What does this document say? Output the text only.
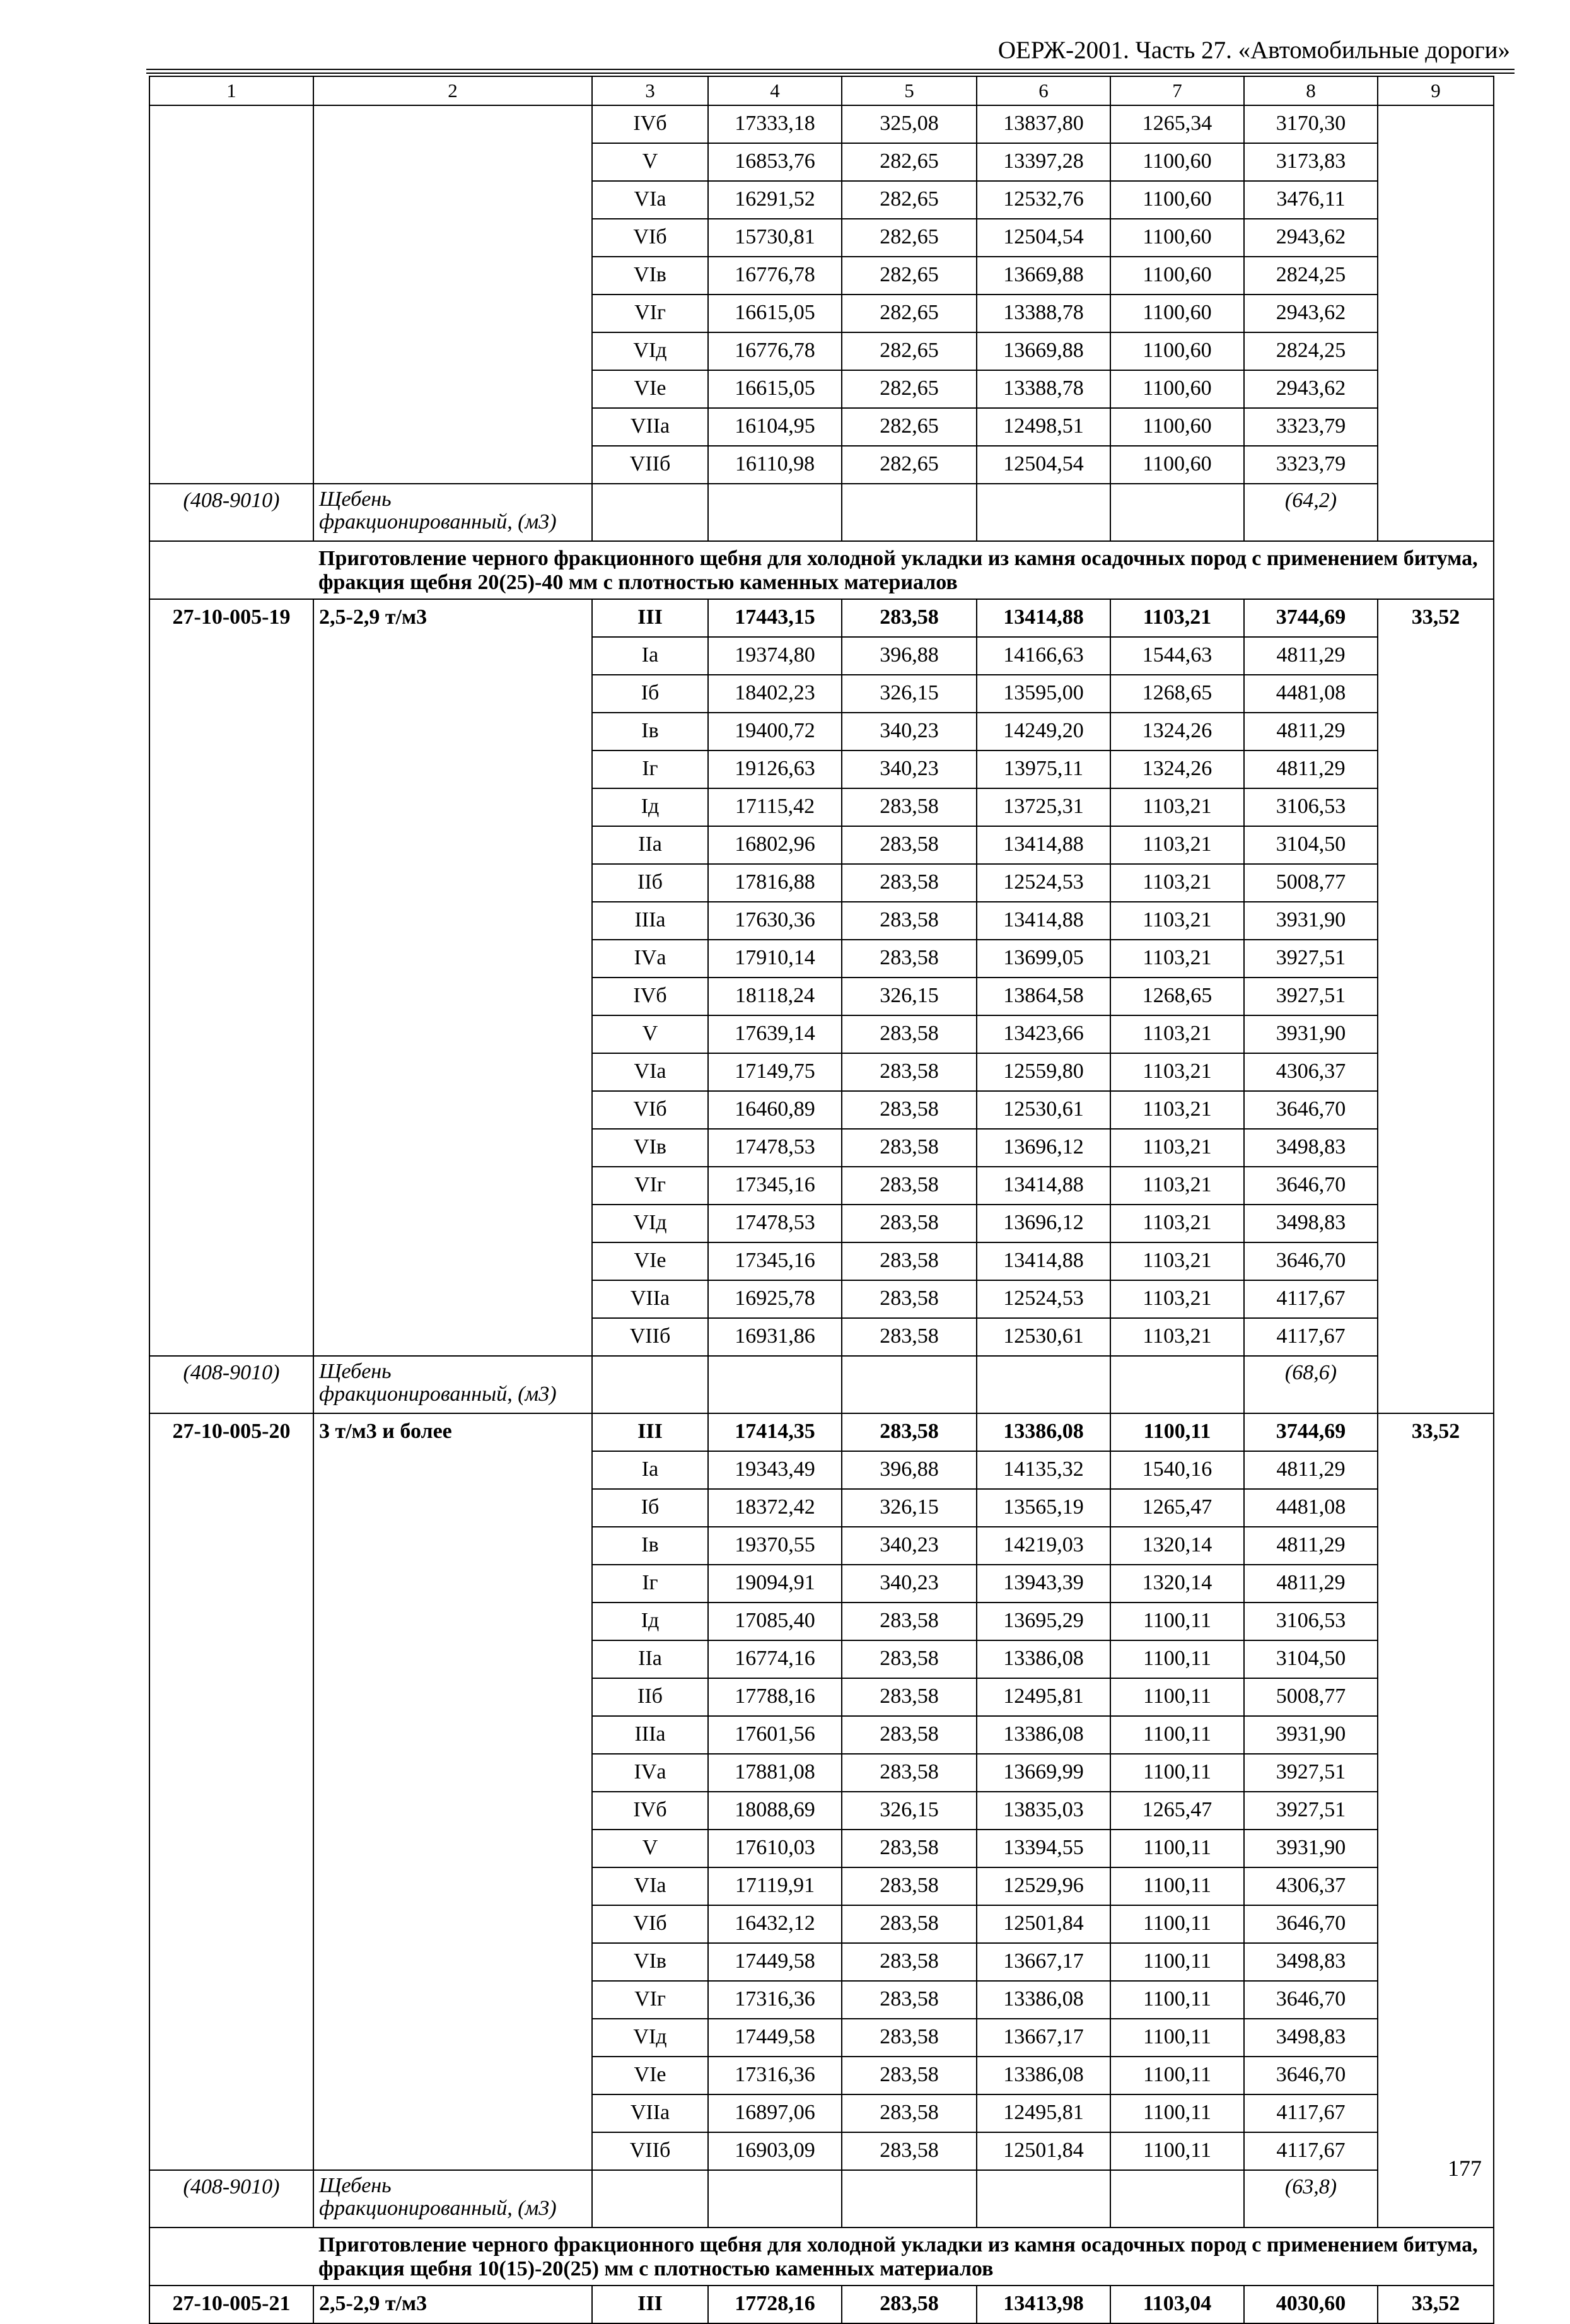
ОЕРЖ-2001. Часть 27. «Автомобильные дороги»
1	2	3	4	5	6	7	8	9
		IVб	17333,18	325,08	13837,80	1265,34	3170,30	
		V	16853,76	282,65	13397,28	1100,60	3173,83	
		VIа	16291,52	282,65	12532,76	1100,60	3476,11	
		VIб	15730,81	282,65	12504,54	1100,60	2943,62	
		VIв	16776,78	282,65	13669,88	1100,60	2824,25	
		VIг	16615,05	282,65	13388,78	1100,60	2943,62	
		VIд	16776,78	282,65	13669,88	1100,60	2824,25	
		VIе	16615,05	282,65	13388,78	1100,60	2943,62	
		VIIа	16104,95	282,65	12498,51	1100,60	3323,79	
		VIIб	16110,98	282,65	12504,54	1100,60	3323,79	
(408-9010)	Щебень фракционированный, (м3)						(64,2)	
	Приготовление черного фракционного щебня для холодной укладки из камня осадочных пород с применением битума, фракция щебня 20(25)-40 мм с плотностью каменных материалов							
27-10-005-19	2,5-2,9 т/м3	III	17443,15	283,58	13414,88	1103,21	3744,69	33,52
		Iа	19374,80	396,88	14166,63	1544,63	4811,29	
		Iб	18402,23	326,15	13595,00	1268,65	4481,08	
		Iв	19400,72	340,23	14249,20	1324,26	4811,29	
		Iг	19126,63	340,23	13975,11	1324,26	4811,29	
		Iд	17115,42	283,58	13725,31	1103,21	3106,53	
		IIа	16802,96	283,58	13414,88	1103,21	3104,50	
		IIб	17816,88	283,58	12524,53	1103,21	5008,77	
		IIIа	17630,36	283,58	13414,88	1103,21	3931,90	
		IVа	17910,14	283,58	13699,05	1103,21	3927,51	
		IVб	18118,24	326,15	13864,58	1268,65	3927,51	
		V	17639,14	283,58	13423,66	1103,21	3931,90	
		VIа	17149,75	283,58	12559,80	1103,21	4306,37	
		VIб	16460,89	283,58	12530,61	1103,21	3646,70	
		VIв	17478,53	283,58	13696,12	1103,21	3498,83	
		VIг	17345,16	283,58	13414,88	1103,21	3646,70	
		VIд	17478,53	283,58	13696,12	1103,21	3498,83	
		VIе	17345,16	283,58	13414,88	1103,21	3646,70	
		VIIа	16925,78	283,58	12524,53	1103,21	4117,67	
		VIIб	16931,86	283,58	12530,61	1103,21	4117,67	
(408-9010)	Щебень фракционированный, (м3)						(68,6)	
27-10-005-20	3 т/м3 и более	III	17414,35	283,58	13386,08	1100,11	3744,69	33,52
		Iа	19343,49	396,88	14135,32	1540,16	4811,29	
		Iб	18372,42	326,15	13565,19	1265,47	4481,08	
		Iв	19370,55	340,23	14219,03	1320,14	4811,29	
		Iг	19094,91	340,23	13943,39	1320,14	4811,29	
		Iд	17085,40	283,58	13695,29	1100,11	3106,53	
		IIа	16774,16	283,58	13386,08	1100,11	3104,50	
		IIб	17788,16	283,58	12495,81	1100,11	5008,77	
		IIIа	17601,56	283,58	13386,08	1100,11	3931,90	
		IVа	17881,08	283,58	13669,99	1100,11	3927,51	
		IVб	18088,69	326,15	13835,03	1265,47	3927,51	
		V	17610,03	283,58	13394,55	1100,11	3931,90	
		VIа	17119,91	283,58	12529,96	1100,11	4306,37	
		VIб	16432,12	283,58	12501,84	1100,11	3646,70	
		VIв	17449,58	283,58	13667,17	1100,11	3498,83	
		VIг	17316,36	283,58	13386,08	1100,11	3646,70	
		VIд	17449,58	283,58	13667,17	1100,11	3498,83	
		VIе	17316,36	283,58	13386,08	1100,11	3646,70	
		VIIа	16897,06	283,58	12495,81	1100,11	4117,67	
		VIIб	16903,09	283,58	12501,84	1100,11	4117,67	
(408-9010)	Щебень фракционированный, (м3)						(63,8)	
	Приготовление черного фракционного щебня для холодной укладки из камня осадочных пород с применением битума, фракция щебня 10(15)-20(25) мм с плотностью каменных материалов							
27-10-005-21	2,5-2,9 т/м3	III	17728,16	283,58	13413,98	1103,04	4030,60	33,52
177
